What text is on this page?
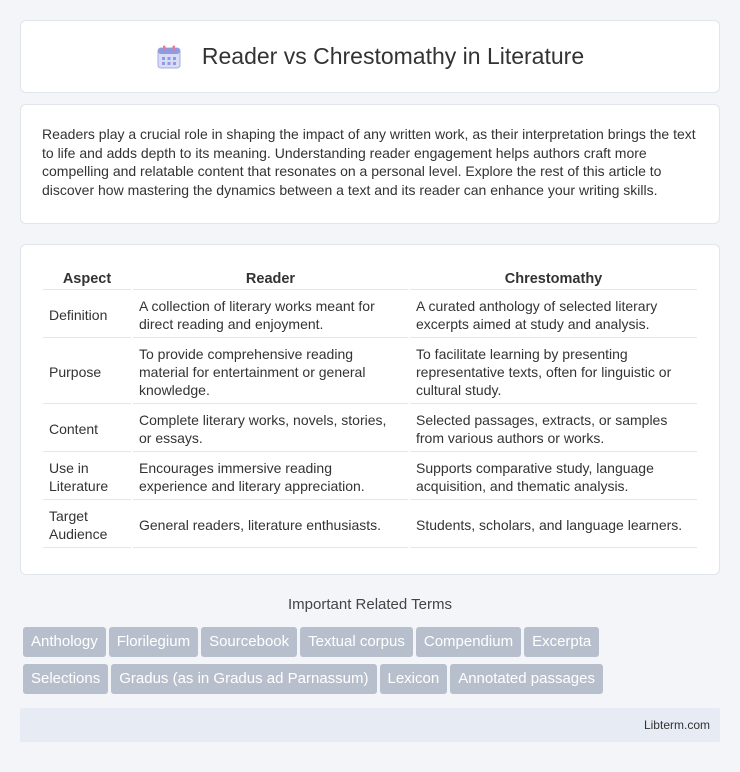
Reader vs Chrestomathy in Literature

Readers play a crucial role in shaping the impact of any written work, as their interpretation brings the text to life and adds depth to its meaning. Understanding reader engagement helps authors craft more compelling and relatable content that resonates on a personal level. Explore the rest of this article to discover how mastering the dynamics between a text and its reader can enhance your writing skills.

Aspect	Reader	Chrestomathy
Definition	A collection of literary works meant for direct reading and enjoyment.	A curated anthology of selected literary excerpts aimed at study and analysis.
Purpose	To provide comprehensive reading material for entertainment or general knowledge.	To facilitate learning by presenting representative texts, often for linguistic or cultural study.
Content	Complete literary works, novels, stories, or essays.	Selected passages, extracts, or samples from various authors or works.
Use in Literature	Encourages immersive reading experience and literary appreciation.	Supports comparative study, language acquisition, and thematic analysis.
Target Audience	General readers, literature enthusiasts.	Students, scholars, and language learners.
Important Related Terms
Anthology Florilegium Sourcebook Textual corpus Compendium Excerpta
Selections Gradus (as in Gradus ad Parnassum) Lexicon Annotated passages
Libterm.com
